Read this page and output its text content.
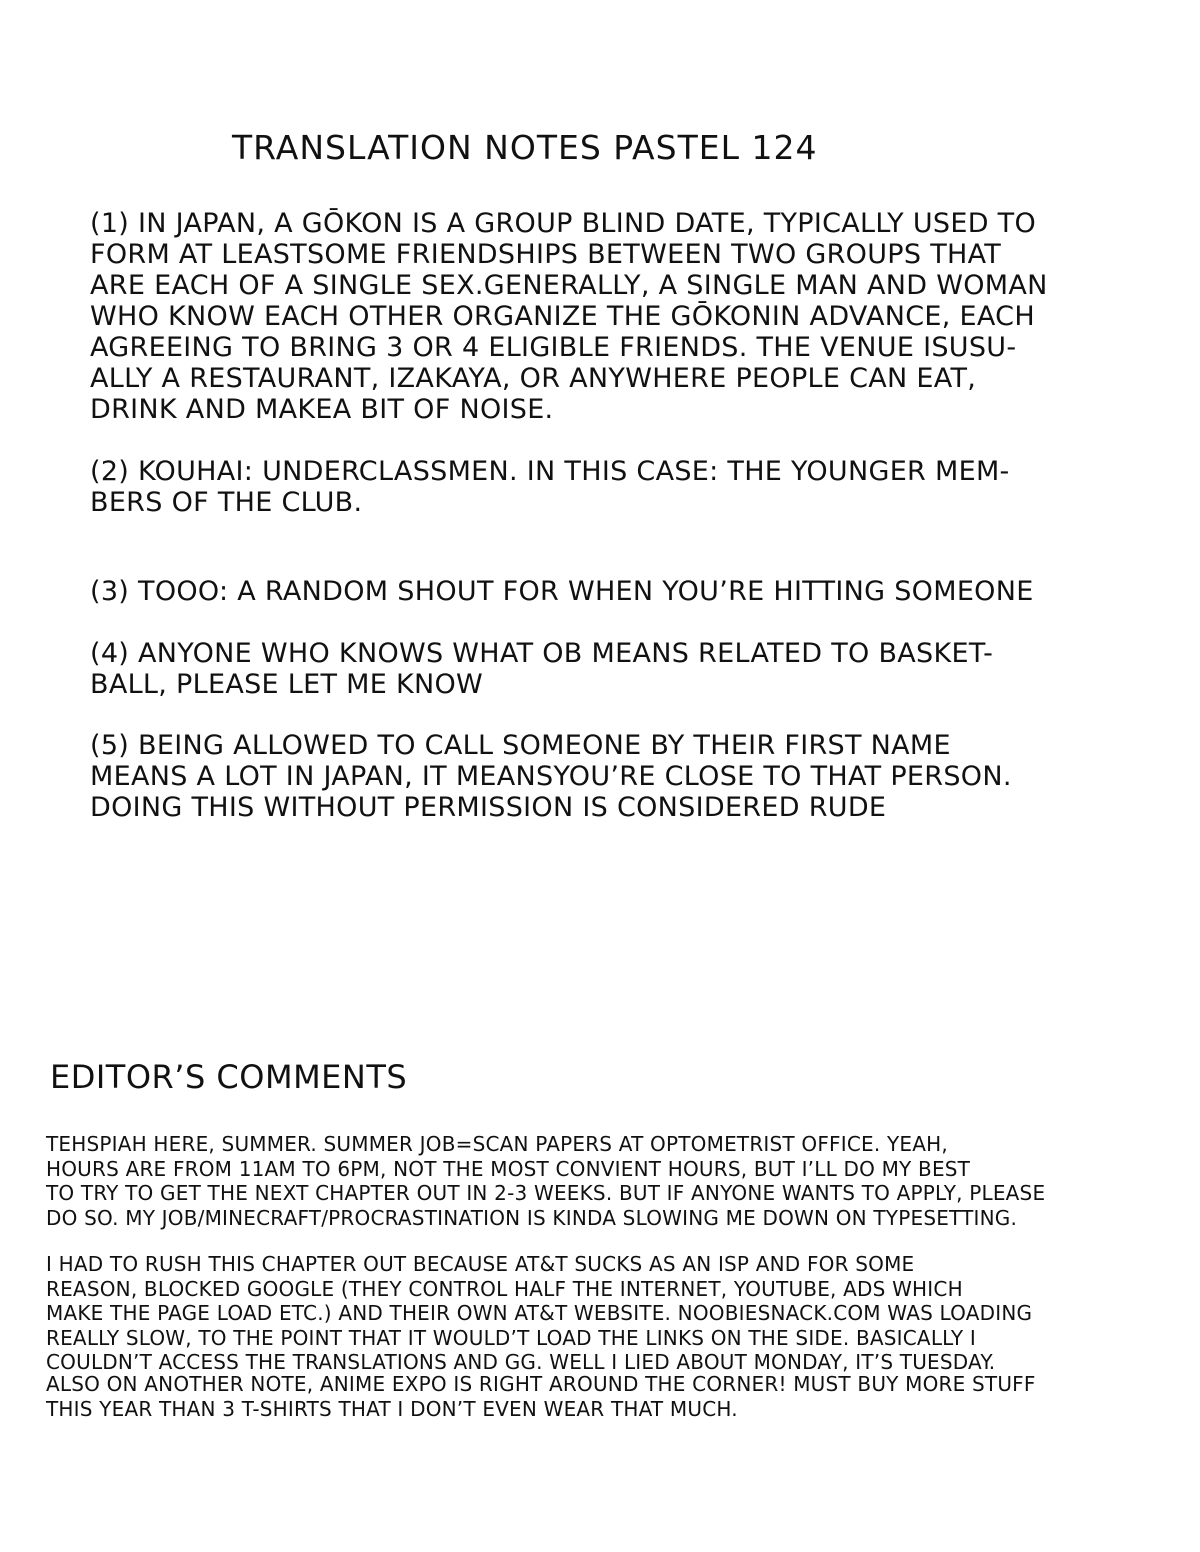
TRANSLATION NOTES PASTEL 124
(1) IN JAPAN, A GŌKON IS A GROUP BLIND DATE, TYPICALLY USED TO
FORM AT LEASTSOME FRIENDSHIPS BETWEEN TWO GROUPS THAT
ARE EACH OF A SINGLE SEX.GENERALLY, A SINGLE MAN AND WOMAN
WHO KNOW EACH OTHER ORGANIZE THE GŌKONIN ADVANCE, EACH
AGREEING TO BRING 3 OR 4 ELIGIBLE FRIENDS. THE VENUE ISUSU-
ALLY A RESTAURANT, IZAKAYA, OR ANYWHERE PEOPLE CAN EAT,
DRINK AND MAKEA BIT OF NOISE.
(2) KOUHAI: UNDERCLASSMEN. IN THIS CASE: THE YOUNGER MEM-
BERS OF THE CLUB.
(3) TOOO: A RANDOM SHOUT FOR WHEN YOU’RE HITTING SOMEONE
(4) ANYONE WHO KNOWS WHAT OB MEANS RELATED TO BASKET-
BALL, PLEASE LET ME KNOW
(5) BEING ALLOWED TO CALL SOMEONE BY THEIR FIRST NAME
MEANS A LOT IN JAPAN, IT MEANSYOU’RE CLOSE TO THAT PERSON.
DOING THIS WITHOUT PERMISSION IS CONSIDERED RUDE
EDITOR’S COMMENTS
TEHSPIAH HERE, SUMMER. SUMMER JOB=SCAN PAPERS AT OPTOMETRIST OFFICE. YEAH,
HOURS ARE FROM 11AM TO 6PM, NOT THE MOST CONVIENT HOURS, BUT I’LL DO MY BEST
TO TRY TO GET THE NEXT CHAPTER OUT IN 2-3 WEEKS. BUT IF ANYONE WANTS TO APPLY, PLEASE
DO SO. MY JOB/MINECRAFT/PROCRASTINATION IS KINDA SLOWING ME DOWN ON TYPESETTING.
I HAD TO RUSH THIS CHAPTER OUT BECAUSE AT&T SUCKS AS AN ISP AND FOR SOME
REASON, BLOCKED GOOGLE (THEY CONTROL HALF THE INTERNET, YOUTUBE, ADS WHICH
MAKE THE PAGE LOAD ETC.) AND THEIR OWN AT&T WEBSITE. NOOBIESNACK.COM WAS LOADING
REALLY SLOW, TO THE POINT THAT IT WOULD’T LOAD THE LINKS ON THE SIDE. BASICALLY I
COULDN’T ACCESS THE TRANSLATIONS AND GG. WELL I LIED ABOUT MONDAY, IT’S TUESDAY.
ALSO ON ANOTHER NOTE, ANIME EXPO IS RIGHT AROUND THE CORNER! MUST BUY MORE STUFF
THIS YEAR THAN 3 T-SHIRTS THAT I DON’T EVEN WEAR THAT MUCH.
